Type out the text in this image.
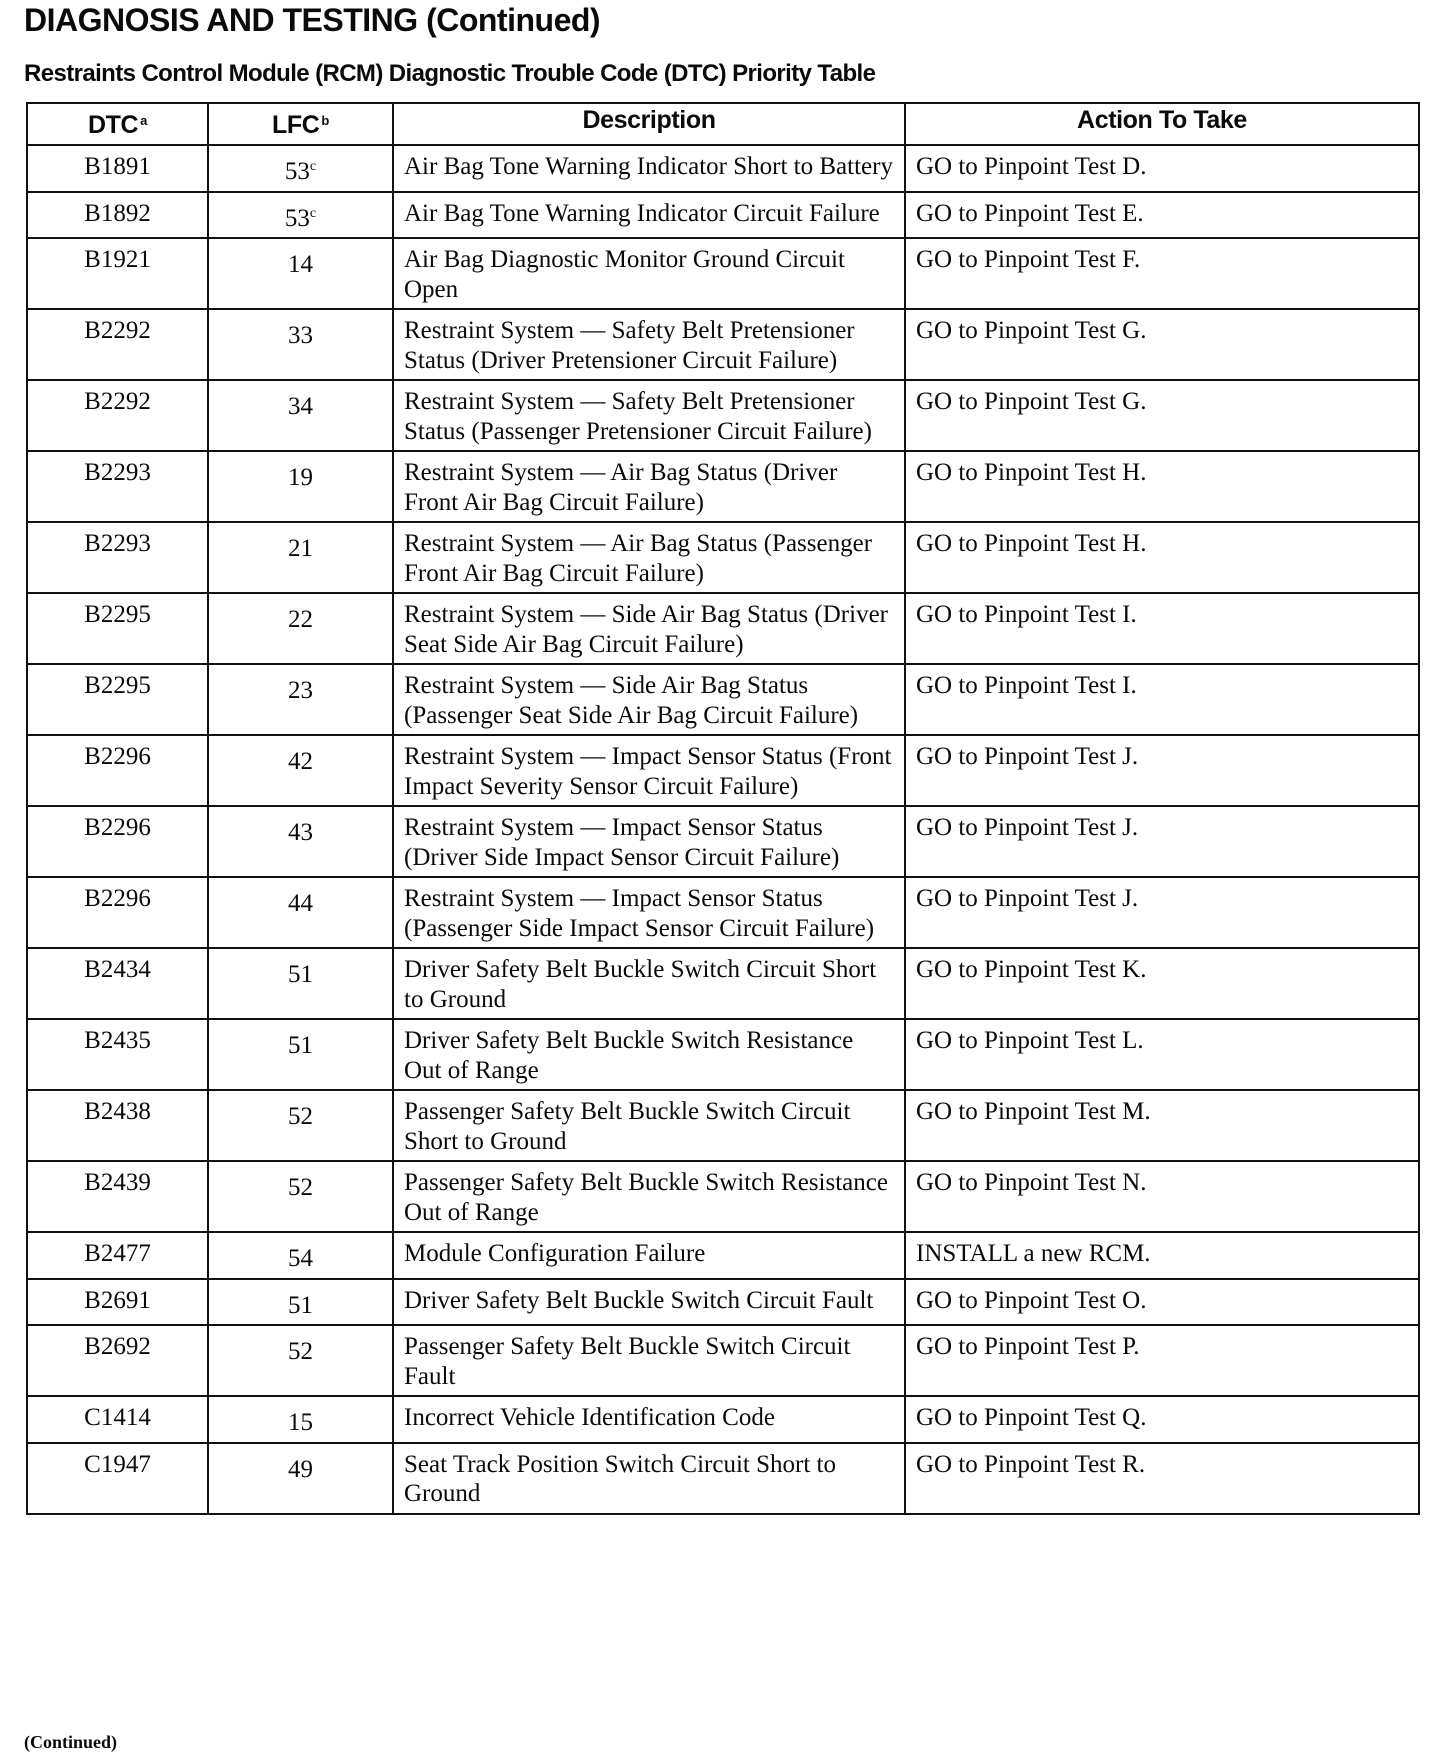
DIAGNOSIS AND TESTING (Continued)
Restraints Control Module (RCM) Diagnostic Trouble Code (DTC) Priority Table
DTC $^a$	LFC $^b$	Description	Action To Take
B1891	53$^c$	Air Bag Tone Warning Indicator Short to Battery	GO to Pinpoint Test D.
B1892	53$^c$	Air Bag Tone Warning Indicator Circuit Failure	GO to Pinpoint Test E.
B1921	14	Air Bag Diagnostic Monitor Ground Circuit Open	GO to Pinpoint Test F.
B2292	33	Restraint System — Safety Belt Pretensioner Status (Driver Pretensioner Circuit Failure)	GO to Pinpoint Test G.
B2292	34	Restraint System — Safety Belt Pretensioner Status (Passenger Pretensioner Circuit Failure)	GO to Pinpoint Test G.
B2293	19	Restraint System — Air Bag Status (Driver Front Air Bag Circuit Failure)	GO to Pinpoint Test H.
B2293	21	Restraint System — Air Bag Status (Passenger Front Air Bag Circuit Failure)	GO to Pinpoint Test H.
B2295	22	Restraint System — Side Air Bag Status (Driver Seat Side Air Bag Circuit Failure)	GO to Pinpoint Test I.
B2295	23	Restraint System — Side Air Bag Status (Passenger Seat Side Air Bag Circuit Failure)	GO to Pinpoint Test I.
B2296	42	Restraint System — Impact Sensor Status (Front Impact Severity Sensor Circuit Failure)	GO to Pinpoint Test J.
B2296	43	Restraint System — Impact Sensor Status (Driver Side Impact Sensor Circuit Failure)	GO to Pinpoint Test J.
B2296	44	Restraint System — Impact Sensor Status (Passenger Side Impact Sensor Circuit Failure)	GO to Pinpoint Test J.
B2434	51	Driver Safety Belt Buckle Switch Circuit Short to Ground	GO to Pinpoint Test K.
B2435	51	Driver Safety Belt Buckle Switch Resistance Out of Range	GO to Pinpoint Test L.
B2438	52	Passenger Safety Belt Buckle Switch Circuit Short to Ground	GO to Pinpoint Test M.
B2439	52	Passenger Safety Belt Buckle Switch Resistance Out of Range	GO to Pinpoint Test N.
B2477	54	Module Configuration Failure	INSTALL a new RCM.
B2691	51	Driver Safety Belt Buckle Switch Circuit Fault	GO to Pinpoint Test O.
B2692	52	Passenger Safety Belt Buckle Switch Circuit Fault	GO to Pinpoint Test P.
C1414	15	Incorrect Vehicle Identification Code	GO to Pinpoint Test Q.
C1947	49	Seat Track Position Switch Circuit Short to Ground	GO to Pinpoint Test R.
(Continued)
